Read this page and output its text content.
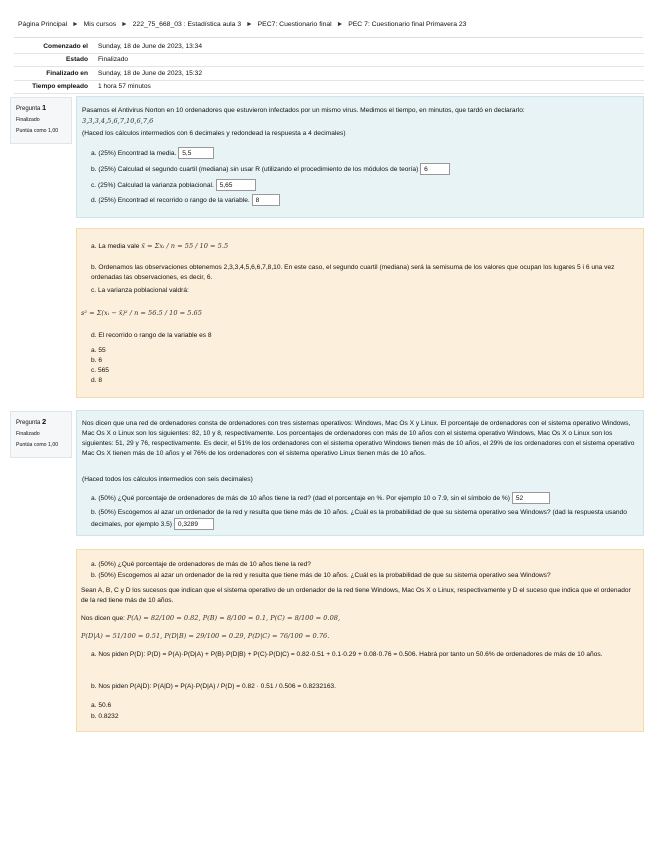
Página Principal ► Mis cursos ► 222_75_668_03 : Estadística aula 3 ► PEC7: Cuestionario final ► PEC 7: Cuestionario final Primavera 23
Comenzado el	Sunday, 18 de June de 2023, 13:34
Estado	Finalizado
Finalizado en	Sunday, 18 de June de 2023, 15:32
Tiempo empleado	1 hora 57 minutos
Pregunta 1
Finalizado
Puntúa como 1,00
Pasamos el Antivirus Norton en 10 ordenadores que estuvieron infectados por un mismo virus. Medimos el tiempo, en minutos, que tardó en declararlo:
3,3,3,4,5,6,7,10,6,7,6
(Haced los cálculos intermedios con 6 decimales y redondead la respuesta a 4 decimales)
a. (25%) Encontrad la media. 5,5
b. (25%) Calculad el segundo cuartil (mediana) sin usar R (utilizando el procedimiento de los módulos de teoría) 6
c. (25%) Calculad la varianza poblacional. 5,65
d. (25%) Encontrad el recorrido o rango de la variable. 8
a. La media vale x̄ = Σxᵢ / n = 55 / 10 = 5.5
b. Ordenamos las observaciones obtenemos 2,3,3,4,5,6,6,7,8,10. En este caso, el segundo cuartil (mediana) será la semisuma de los valores que ocupan los lugares 5 i 6 una vez ordenadas las observaciones, es decir, 6.
c. La varianza poblacional valdrá:
s² = Σ(xᵢ − x̄)² / n = 56.5 / 10 = 5.65
d. El recorrido o rango de la variable es 8
a. 55
b. 6
c. 565
d. 8
Pregunta 2
Finalizado
Puntúa como 1,00
Nos dicen que una red de ordenadores consta de ordenadores con tres sistemas operativos: Windows, Mac Os X y Linux. El porcentaje de ordenadores con el sistema operativo Windows, Mac Os X o Linux son los siguientes: 82, 10 y 8, respectivamente. Los porcentajes de ordenadores con más de 10 años con el sistema operativo Windows, Mac Os X o Linux son los siguientes: 51, 29 y 76, respectivamente. Es decir, el 51% de los ordenadores con el sistema operativo Windows tienen más de 10 años, el 29% de los ordenadores con el sistema operativo Mac Os X tienen más de 10 años y el 76% de los ordenadores con el sistema operativo Linux tienen más de 10 años.
(Haced todos los cálculos intermedios con seis decimales)
a. (50%) ¿Qué porcentaje de ordenadores de más de 10 años tiene la red? (dad el porcentaje en %. Por ejemplo 10 o 7.9, sin el símbolo de %) 52
b. (50%) Escogemos al azar un ordenador de la red y resulta que tiene más de 10 años. ¿Cuál es la probabilidad de que su sistema operativo sea Windows? (dad la respuesta usando decimales, por ejemplo 3.5) 0,3289
a. (50%) ¿Qué porcentaje de ordenadores de más de 10 años tiene la red?
b. (50%) Escogemos al azar un ordenador de la red y resulta que tiene más de 10 años. ¿Cuál es la probabilidad de que su sistema operativo sea Windows?
Sean A, B, C y D los sucesos que indican que el sistema operativo de un ordenador de la red tiene Windows, Mac Os X o Linux, respectivamente y D el suceso que indica que el ordenador de la red tiene más de 10 años.
Nos dicen que: P(A) = 82/100 = 0.82, P(B) = 8/100 = 0.1, P(C) = 8/100 = 0.08,
P(D|A) = 51/100 = 0.51, P(D|B) = 29/100 = 0.29, P(D|C) = 76/100 = 0.76.
a. Nos piden P(D): P(D) = P(A)·P(D|A) + P(B)·P(D|B) + P(C)·P(D|C) = 0.82·0.51 + 0.1·0.29 + 0.08·0.76 = 0.506. Habrá por tanto un 50.6% de ordenadores de más de 10 años.
b. Nos piden P(A|D): P(A|D) = P(A)·P(D|A) / P(D) = 0.82 · 0.51 / 0.506 = 0.8232163.
a. 50.6
b. 0.8232
